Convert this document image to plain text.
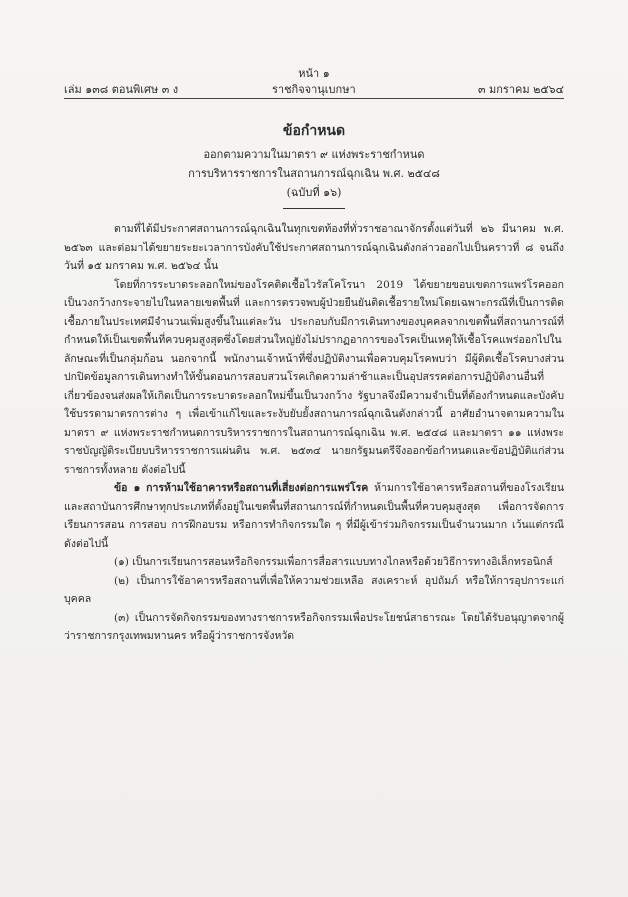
หน้า ๑
เล่ม ๑๓๘ ตอนพิเศษ ๓ ง	ราชกิจจานุเบกษา	๓ มกราคม ๒๕๖๔
ข้อกำหนด
ออกตามความในมาตรา ๙ แห่งพระราชกำหนด
การบริหารราชการในสถานการณ์ฉุกเฉิน พ.ศ. ๒๕๔๘
(ฉบับที่ ๑๖)

ตามที่ได้มีประกาศสถานการณ์ฉุกเฉินในทุกเขตท้องที่ทั่วราชอาณาจักรตั้งแต่วันที่ ๒๖ มีนาคม พ.ศ. ๒๕๖๓ และต่อมาได้ขยายระยะเวลาการบังคับใช้ประกาศสถานการณ์ฉุกเฉินดังกล่าวออกไปเป็นคราวที่ ๘ จนถึงวันที่ ๑๕ มกราคม พ.ศ. ๒๕๖๔ นั้น

โดยที่การระบาดระลอกใหม่ของโรคติดเชื้อไวรัสโคโรนา 2019 ได้ขยายขอบเขตการแพร่โรคออกเป็นวงกว้างกระจายไปในหลายเขตพื้นที่ และการตรวจพบผู้ป่วยยืนยันติดเชื้อรายใหม่โดยเฉพาะกรณีที่เป็นการติดเชื้อภายในประเทศมีจำนวนเพิ่มสูงขึ้นในแต่ละวัน ประกอบกับมีการเดินทางของบุคคลจากเขตพื้นที่สถานการณ์ที่กำหนดให้เป็นเขตพื้นที่ควบคุมสูงสุดซึ่งโดยส่วนใหญ่ยังไม่ปรากฏอาการของโรคเป็นเหตุให้เชื้อโรคแพร่ออกไปในลักษณะที่เป็นกลุ่มก้อน นอกจากนี้ พนักงานเจ้าหน้าที่ซึ่งปฏิบัติงานเพื่อควบคุมโรคพบว่า มีผู้ติดเชื้อโรคบางส่วนปกปิดข้อมูลการเดินทางทำให้ขั้นตอนการสอบสวนโรคเกิดความล่าช้าและเป็นอุปสรรคต่อการปฏิบัติงานอื่นที่เกี่ยวข้องจนส่งผลให้เกิดเป็นการระบาดระลอกใหม่ขึ้นเป็นวงกว้าง รัฐบาลจึงมีความจำเป็นที่ต้องกำหนดและบังคับใช้บรรดามาตรการต่าง ๆ เพื่อเข้าแก้ไขและระงับยับยั้งสถานการณ์ฉุกเฉินดังกล่าวนี้ อาศัยอำนาจตามความในมาตรา ๙ แห่งพระราชกำหนดการบริหารราชการในสถานการณ์ฉุกเฉิน พ.ศ. ๒๕๔๘ และมาตรา ๑๑ แห่งพระราชบัญญัติระเบียบบริหารราชการแผ่นดิน พ.ศ. ๒๕๓๔ นายกรัฐมนตรีจึงออกข้อกำหนดและข้อปฏิบัติแก่ส่วนราชการทั้งหลาย ดังต่อไปนี้

ข้อ ๑ การห้ามใช้อาคารหรือสถานที่เสี่ยงต่อการแพร่โรค ห้ามการใช้อาคารหรือสถานที่ของโรงเรียนและสถาบันการศึกษาทุกประเภทที่ตั้งอยู่ในเขตพื้นที่สถานการณ์ที่กำหนดเป็นพื้นที่ควบคุมสูงสุด เพื่อการจัดการเรียนการสอน การสอบ การฝึกอบรม หรือการทำกิจกรรมใด ๆ ที่มีผู้เข้าร่วมกิจกรรมเป็นจำนวนมาก เว้นแต่กรณีดังต่อไปนี้

(๑) เป็นการเรียนการสอนหรือกิจกรรมเพื่อการสื่อสารแบบทางไกลหรือด้วยวิธีการทางอิเล็กทรอนิกส์

(๒) เป็นการใช้อาคารหรือสถานที่เพื่อให้ความช่วยเหลือ สงเคราะห์ อุปถัมภ์ หรือให้การอุปการะแก่บุคคล

(๓) เป็นการจัดกิจกรรมของทางราชการหรือกิจกรรมเพื่อประโยชน์สาธารณะ โดยได้รับอนุญาตจากผู้ว่าราชการกรุงเทพมหานคร หรือผู้ว่าราชการจังหวัด
